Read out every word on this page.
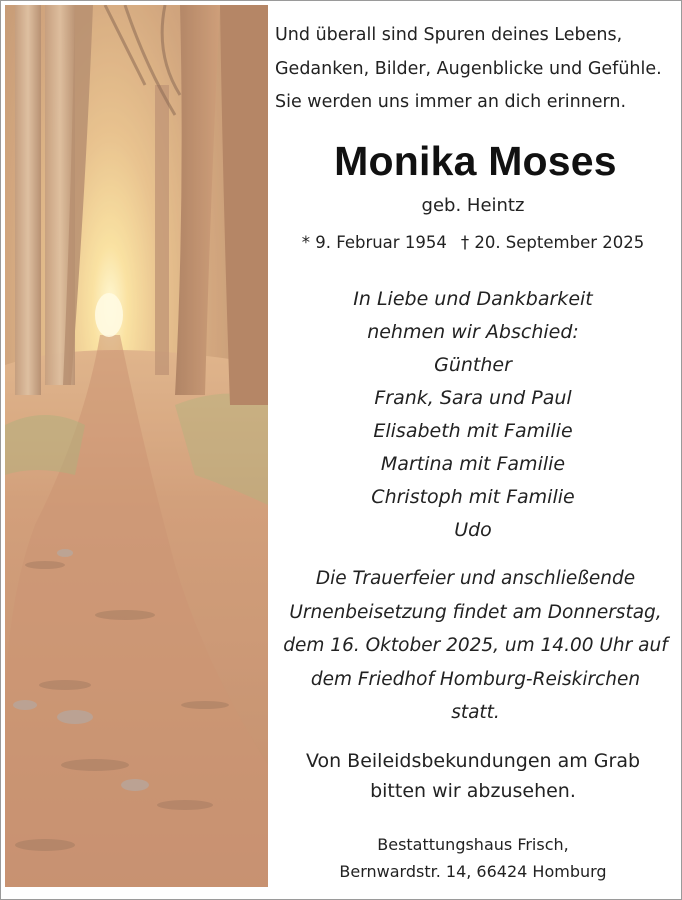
Und überall sind Spuren deines Lebens,
Gedanken, Bilder, Augenblicke und Gefühle.
Sie werden uns immer an dich erinnern.
Monika Moses
geb. Heintz
* 9. Februar 1954 † 20. September 2025
In Liebe und Dankbarkeit
nehmen wir Abschied:
Günther
Frank, Sara und Paul
Elisabeth mit Familie
Martina mit Familie
Christoph mit Familie
Udo
Die Trauerfeier und anschließende
Urnenbeisetzung findet am Donnerstag,
dem 16. Oktober 2025, um 14.00 Uhr auf
dem Friedhof Homburg-Reiskirchen
statt.
Von Beileidsbekundungen am Grab
bitten wir abzusehen.
Bestattungshaus Frisch,
Bernwardstr. 14, 66424 Homburg
